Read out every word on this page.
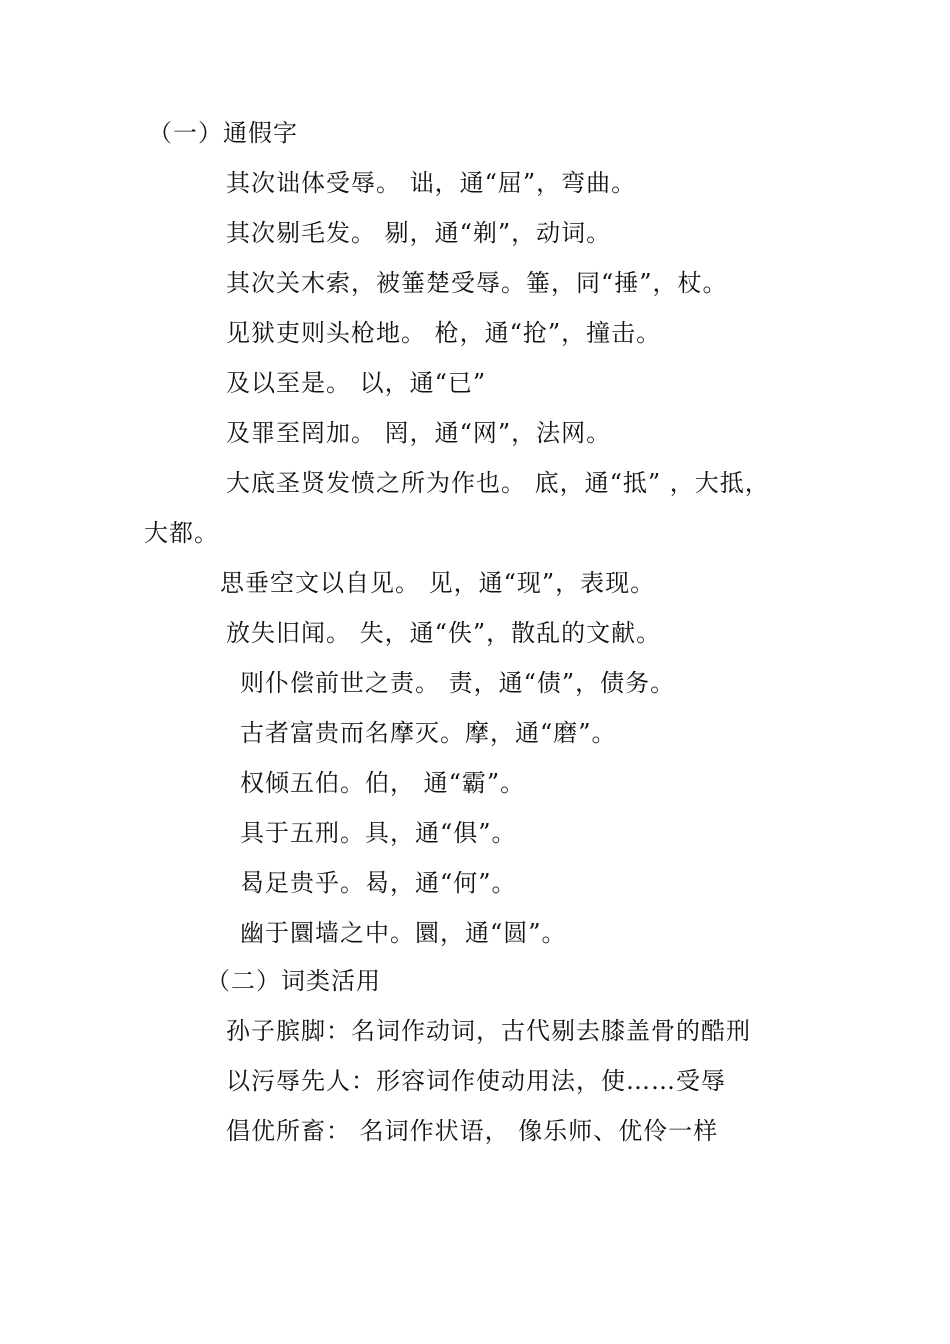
（一）通假字
其次诎体受辱。 诎，通“屈”，弯曲。
其次剔毛发。 剔，通“剃”，动词。
其次关木索，被箠楚受辱。箠，同“捶”，杖。
见狱吏则头枪地。 枪，通“抢”，撞击。
及以至是。 以，通“已”
及罪至罔加。 罔，通“网”，法网。
大底圣贤发愤之所为作也。 底，通“抵” ，大抵，
大都。
思垂空文以自见。 见，通“现”，表现。
放失旧闻。 失，通“佚”，散乱的文献。
则仆偿前世之责。 责，通“债”，债务。
古者富贵而名摩灭。摩，通“磨”。
权倾五伯。伯， 通“霸”。
具于五刑。具，通“俱”。
曷足贵乎。曷，通“何”。
幽于圜墙之中。圜，通“圆”。
（二）词类活用
孙子膑脚：名词作动词，古代剔去膝盖骨的酷刑
以污辱先人：形容词作使动用法，使……受辱
倡优所畜： 名词作状语， 像乐师、优伶一样
